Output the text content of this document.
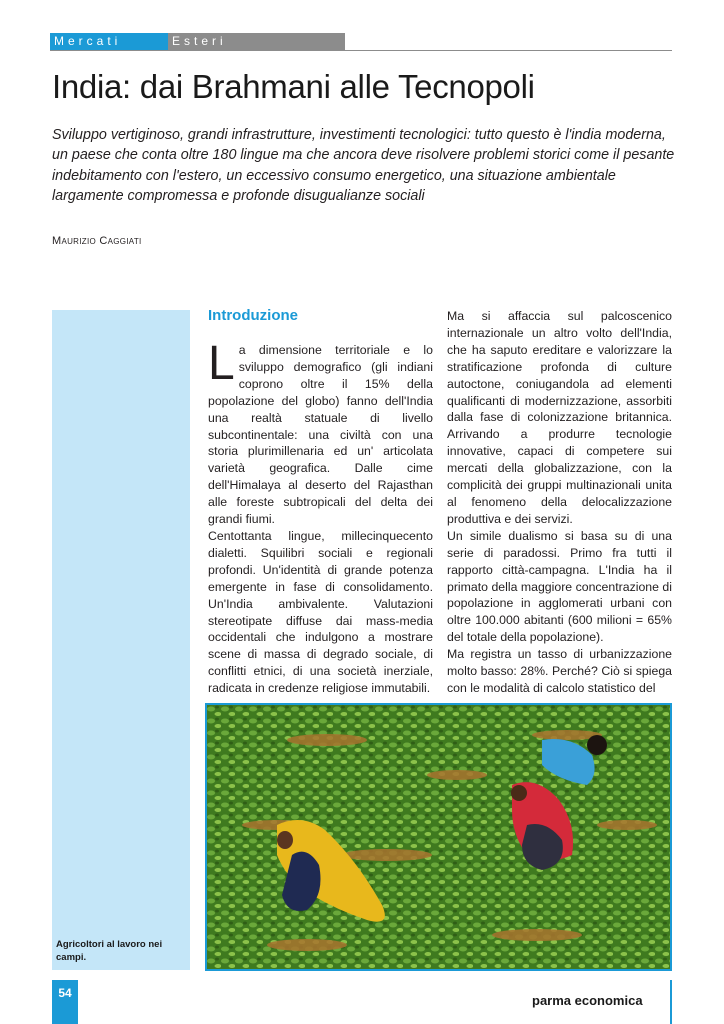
Mercati	Esteri
India: dai Brahmani alle Tecnopoli
Sviluppo vertiginoso, grandi infrastrutture, investimenti tecnologici: tutto questo è l'india moderna, un paese che conta oltre 180 lingue ma che ancora deve risolvere problemi storici come il pesante indebitamento con l'estero, un eccessivo consumo energetico, una situazione ambientale largamente compromessa e profonde disugualianze sociali
Maurizio Caggiati
Agricoltori al lavoro nei campi.
Introduzione

La dimensione territoriale e lo sviluppo demografico (gli indiani coprono oltre il 15% della popolazione del globo) fanno dell'India una realtà statuale di livello subcontinentale: una civiltà con una storia plurimillenaria ed un' articolata varietà geografica. Dalle cime dell'Himalaya al deserto del Rajasthan alle foreste subtropicali del delta dei grandi fiumi.

Centottanta lingue, millecinquecento dialetti. Squilibri sociali e regionali profondi. Un'identità di grande potenza emergente in fase di consolidamento. Un'India ambivalente. Valutazioni stereotipate diffuse dai mass-media occidentali che indulgono a mostrare scene di massa di degrado sociale, di conflitti etnici, di una società inerziale, radicata in credenze religiose immutabili.

Ma si affaccia sul palcoscenico internazionale un altro volto dell'India, che ha saputo ereditare e valorizzare la stratificazione profonda di culture autoctone, coniugandola ad elementi qualificanti di modernizzazione, assorbiti dalla fase di colonizzazione britannica. Arrivando a produrre tecnologie innovative, capaci di competere sui mercati della globalizzazione, con la complicità dei gruppi multinazionali unita al fenomeno della delocalizzazione produttiva e dei servizi.

Un simile dualismo si basa su di una serie di paradossi. Primo fra tutti il rapporto città-campagna. L'India ha il primato della maggiore concentrazione di popolazione in agglomerati urbani con oltre 100.000 abitanti (600 milioni = 65% del totale della popolazione).

Ma registra un tasso di urbanizzazione molto basso: 28%. Perché? Ciò si spiega con le modalità di calcolo statistico del

54	parma economica
